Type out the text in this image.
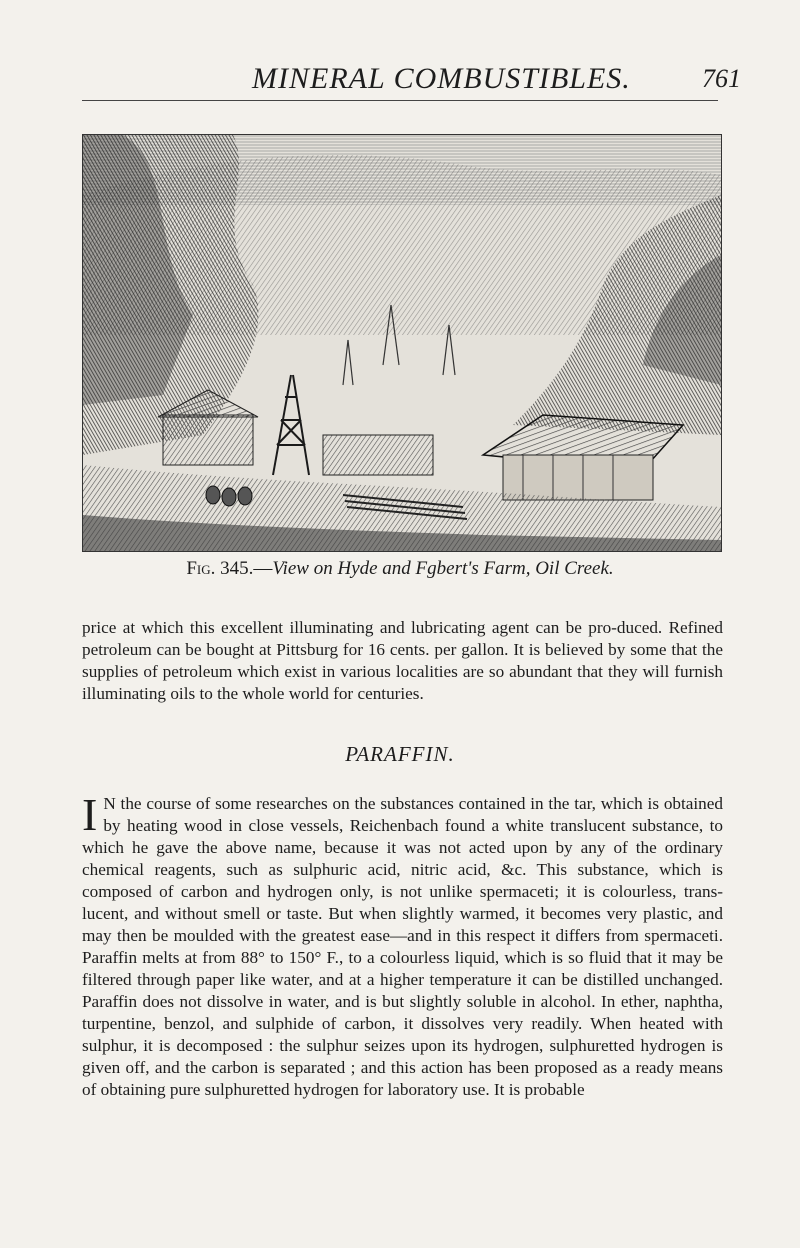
MINERAL COMBUSTIBLES.	761
Fig. 345.—View on Hyde and Fgbert's Farm, Oil Creek.

price at which this excellent illuminating and lubricating agent can be pro-duced. Refined petroleum can be bought at Pittsburg for 16 cents. per gallon. It is believed by some that the supplies of petroleum which exist in various localities are so abundant that they will furnish illuminating oils to the whole world for centuries.

PARAFFIN.

I N the course of some researches on the substances contained in the tar, which is obtained by heating wood in close vessels, Reichenbach found a white translucent substance, to which he gave the above name, because it was not acted upon by any of the ordinary chemical reagents, such as sulphuric acid, nitric acid, &c. This substance, which is composed of carbon and hydrogen only, is not unlike spermaceti; it is colourless, trans-lucent, and without smell or taste. But when slightly warmed, it becomes very plastic, and may then be moulded with the greatest ease—and in this respect it differs from spermaceti. Paraffin melts at from 88° to 150° F., to a colourless liquid, which is so fluid that it may be filtered through paper like water, and at a higher temperature it can be distilled unchanged. Paraffin does not dissolve in water, and is but slightly soluble in alcohol. In ether, naphtha, turpentine, benzol, and sulphide of carbon, it dissolves very readily. When heated with sulphur, it is decomposed : the sulphur seizes upon its hydrogen, sulphuretted hydrogen is given off, and the carbon is separated ; and this action has been proposed as a ready means of obtaining pure sulphuretted hydrogen for laboratory use. It is probable
